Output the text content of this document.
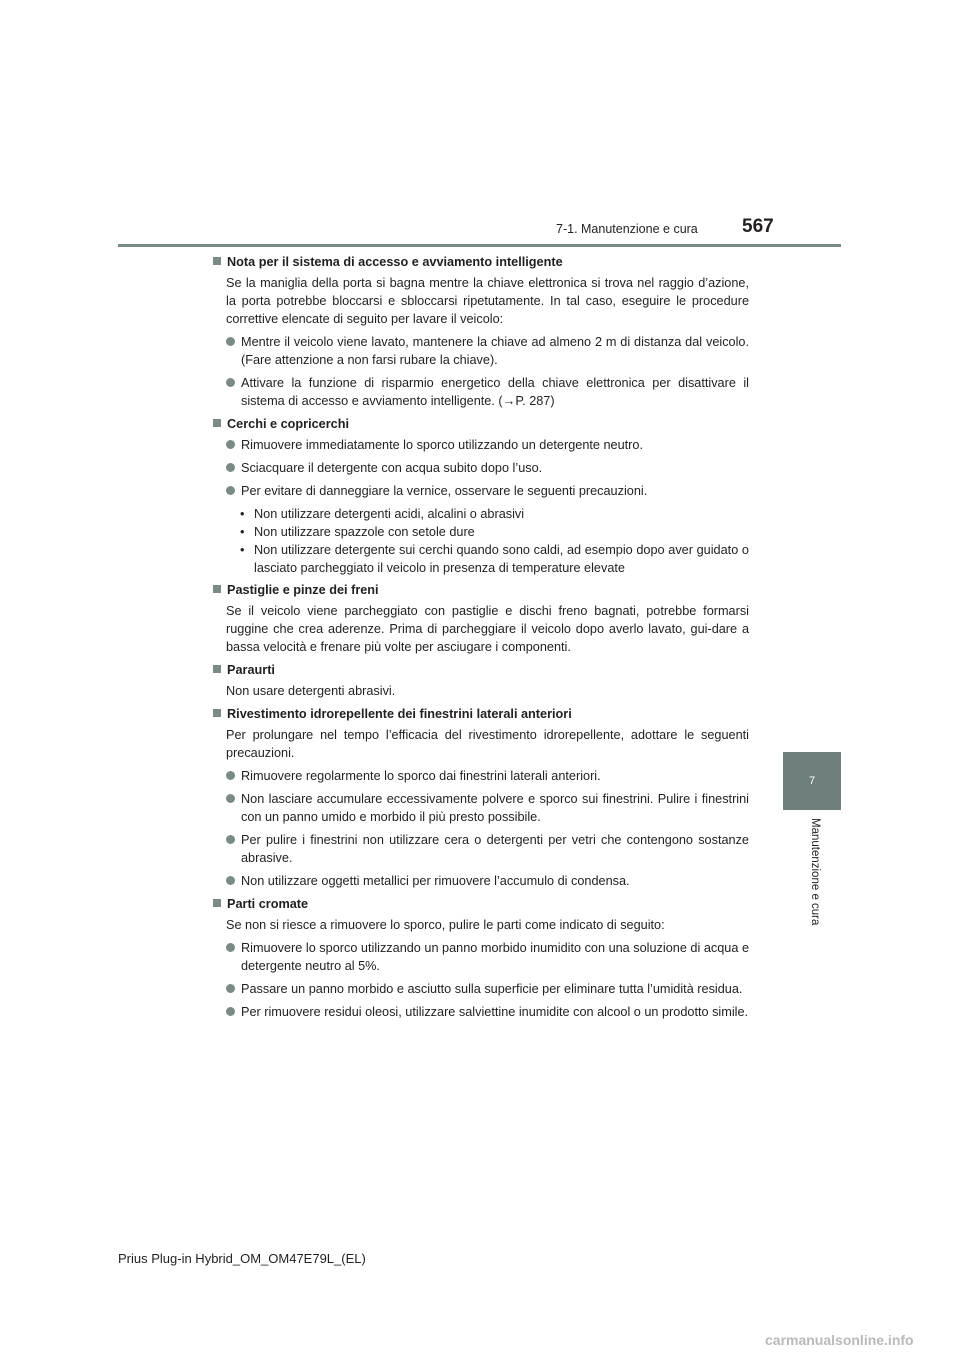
7-1. Manutenzione e cura 567
7
Manutenzione e cura
Nota per il sistema di accesso e avviamento intelligente
Se la maniglia della porta si bagna mentre la chiave elettronica si trova nel raggio d’azione, la porta potrebbe bloccarsi e sbloccarsi ripetutamente. In tal caso, eseguire le procedure correttive elencate di seguito per lavare il veicolo:
Mentre il veicolo viene lavato, mantenere la chiave ad almeno 2 m di distanza dal veicolo. (Fare attenzione a non farsi rubare la chiave).
Attivare la funzione di risparmio energetico della chiave elettronica per disattivare il sistema di accesso e avviamento intelligente. (→P. 287)
Cerchi e copricerchi
Rimuovere immediatamente lo sporco utilizzando un detergente neutro.
Sciacquare il detergente con acqua subito dopo l’uso.
Per evitare di danneggiare la vernice, osservare le seguenti precauzioni.
• Non utilizzare detergenti acidi, alcalini o abrasivi
• Non utilizzare spazzole con setole dure
• Non utilizzare detergente sui cerchi quando sono caldi, ad esempio dopo aver guidato o lasciato parcheggiato il veicolo in presenza di temperature elevate
Pastiglie e pinze dei freni
Se il veicolo viene parcheggiato con pastiglie e dischi freno bagnati, potrebbe formarsi ruggine che crea aderenze. Prima di parcheggiare il veicolo dopo averlo lavato, gui-dare a bassa velocità e frenare più volte per asciugare i componenti.
Paraurti
Non usare detergenti abrasivi.
Rivestimento idrorepellente dei finestrini laterali anteriori
Per prolungare nel tempo l’efficacia del rivestimento idrorepellente, adottare le seguenti precauzioni.
Rimuovere regolarmente lo sporco dai finestrini laterali anteriori.
Non lasciare accumulare eccessivamente polvere e sporco sui finestrini. Pulire i finestrini con un panno umido e morbido il più presto possibile.
Per pulire i finestrini non utilizzare cera o detergenti per vetri che contengono sostanze abrasive.
Non utilizzare oggetti metallici per rimuovere l’accumulo di condensa.
Parti cromate
Se non si riesce a rimuovere lo sporco, pulire le parti come indicato di seguito:
Rimuovere lo sporco utilizzando un panno morbido inumidito con una soluzione di acqua e detergente neutro al 5%.
Passare un panno morbido e asciutto sulla superficie per eliminare tutta l’umidità residua.
Per rimuovere residui oleosi, utilizzare salviettine inumidite con alcool o un prodotto simile.
Prius Plug-in Hybrid_OM_OM47E79L_(EL)
carmanualsonline.info
